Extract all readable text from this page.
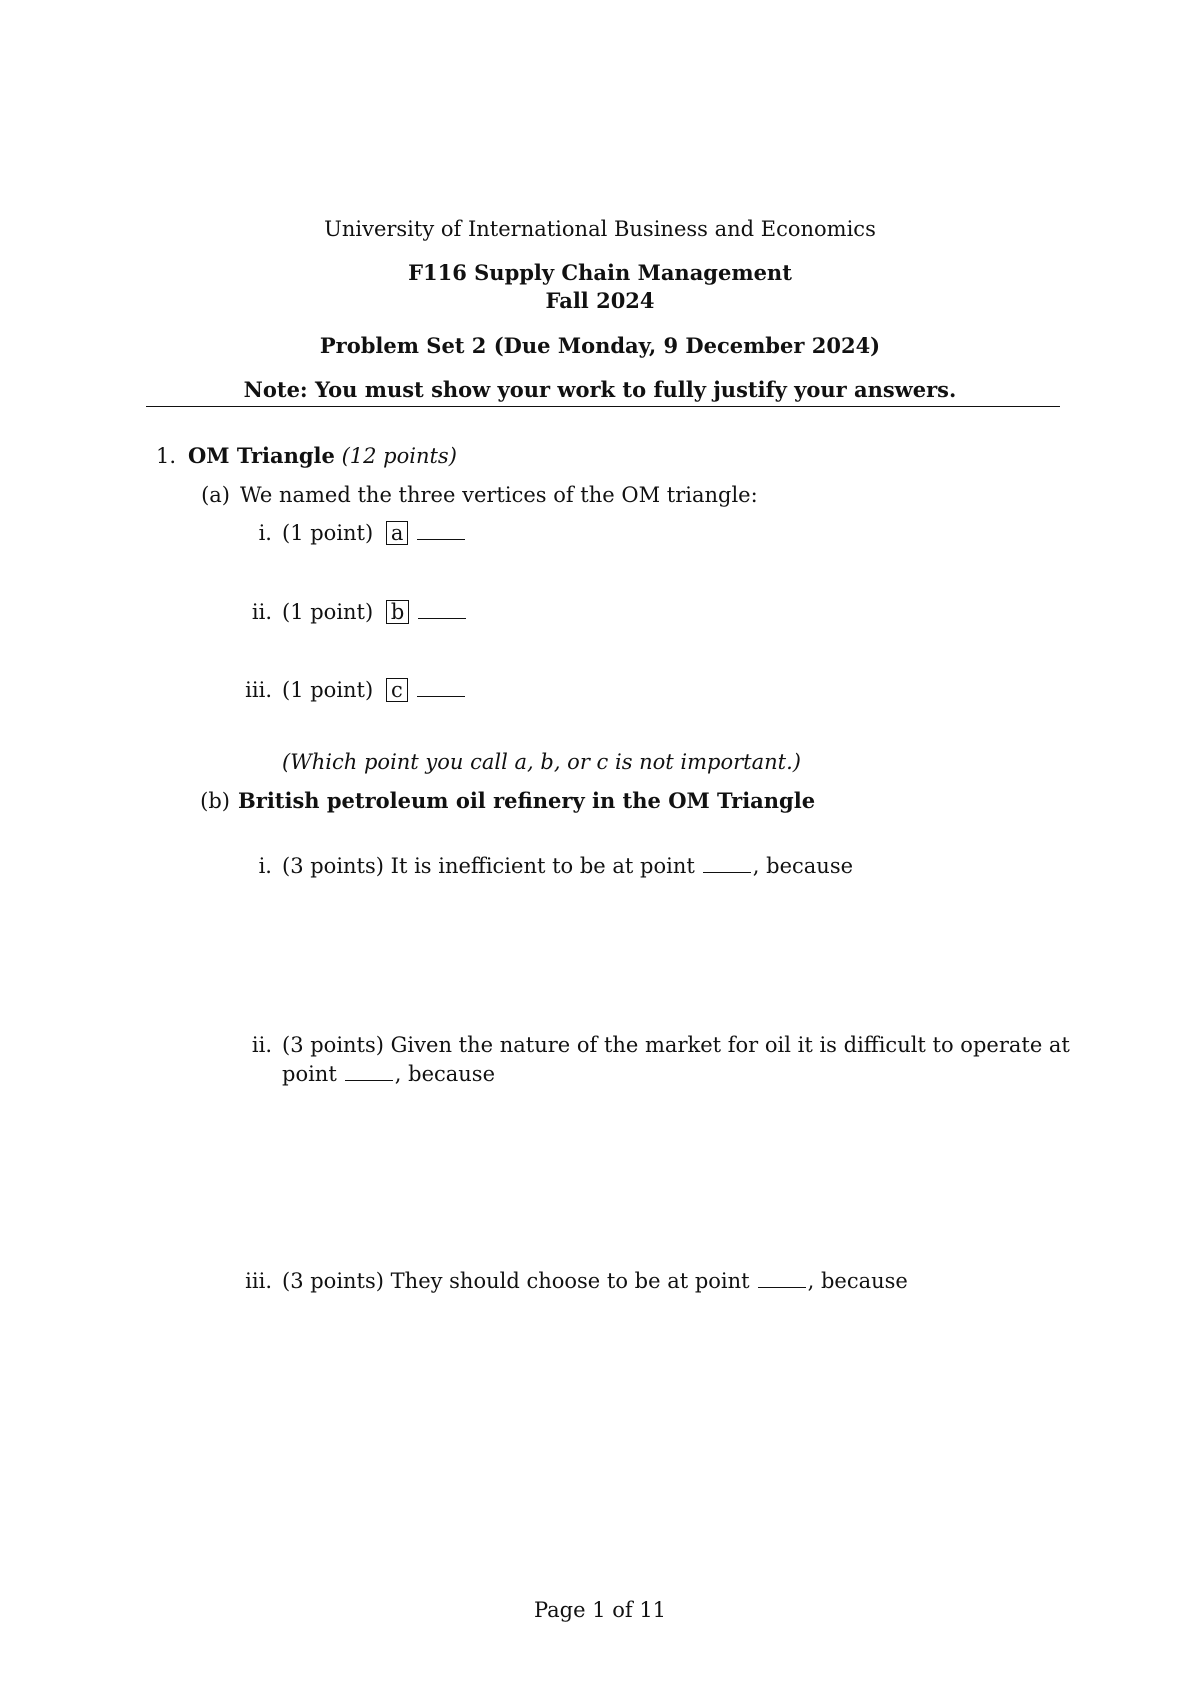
University of International Business and Economics
F116 Supply Chain Management
Fall 2024
Problem Set 2 (Due Monday, 9 December 2024)
Note: You must show your work to fully justify your answers.
1. OM Triangle (12 points)
(a) We named the three vertices of the OM triangle:
i. (1 point) a
ii. (1 point) b
iii. (1 point) c
(Which point you call a, b, or c is not important.)
(b) British petroleum oil refinery in the OM Triangle
i. (3 points) It is inefficient to be at point	, because
ii. (3 points) Given the nature of the market for oil it is difficult to operate at
point	, because
iii. (3 points) They should choose to be at point	, because
Page 1 of 11
